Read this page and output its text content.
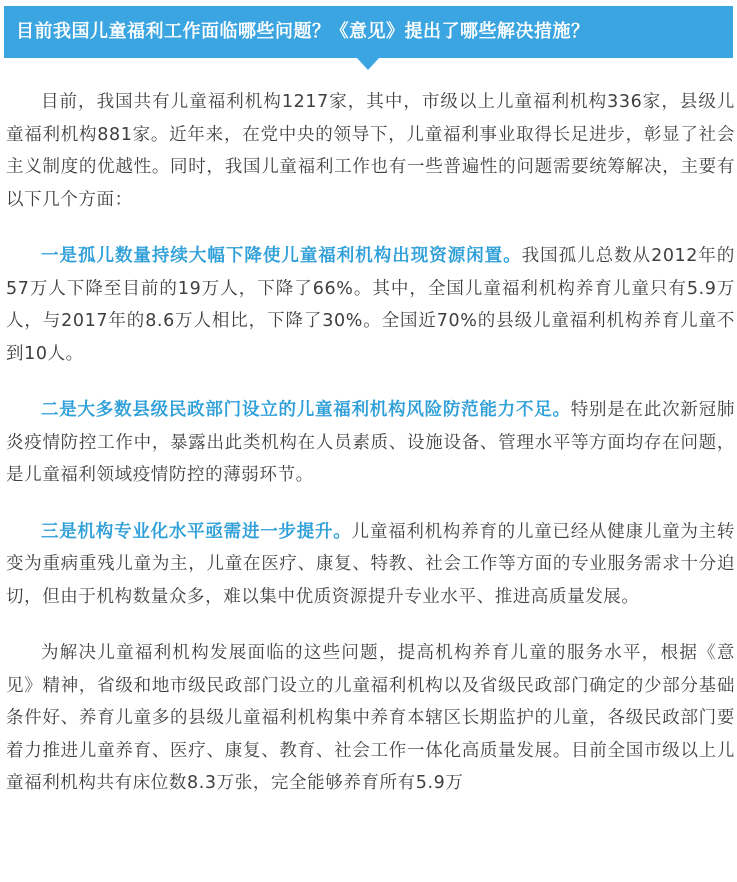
目前我国儿童福利工作面临哪些问题？《意见》提出了哪些解决措施？

目前，我国共有儿童福利机构1217家，其中，市级以上儿童福利机构336家，县级儿童福利机构881家。近年来，在党中央的领导下，儿童福利事业取得长足进步，彰显了社会主义制度的优越性。同时，我国儿童福利工作也有一些普遍性的问题需要统筹解决，主要有以下几个方面：

一是孤儿数量持续大幅下降使儿童福利机构出现资源闲置。我国孤儿总数从2012年的57万人下降至目前的19万人，下降了66%。其中，全国儿童福利机构养育儿童只有5.9万人，与2017年的8.6万人相比，下降了30%。全国近70%的县级儿童福利机构养育儿童不到10人。

二是大多数县级民政部门设立的儿童福利机构风险防范能力不足。特别是在此次新冠肺炎疫情防控工作中，暴露出此类机构在人员素质、设施设备、管理水平等方面均存在问题，是儿童福利领域疫情防控的薄弱环节。

三是机构专业化水平亟需进一步提升。儿童福利机构养育的儿童已经从健康儿童为主转变为重病重残儿童为主，儿童在医疗、康复、特教、社会工作等方面的专业服务需求十分迫切，但由于机构数量众多，难以集中优质资源提升专业水平、推进高质量发展。

为解决儿童福利机构发展面临的这些问题，提高机构养育儿童的服务水平，根据《意见》精神，省级和地市级民政部门设立的儿童福利机构以及省级民政部门确定的少部分基础条件好、养育儿童多的县级儿童福利机构集中养育本辖区长期监护的儿童，各级民政部门要着力推进儿童养育、医疗、康复、教育、社会工作一体化高质量发展。目前全国市级以上儿童福利机构共有床位数8.3万张，完全能够养育所有5.9万
